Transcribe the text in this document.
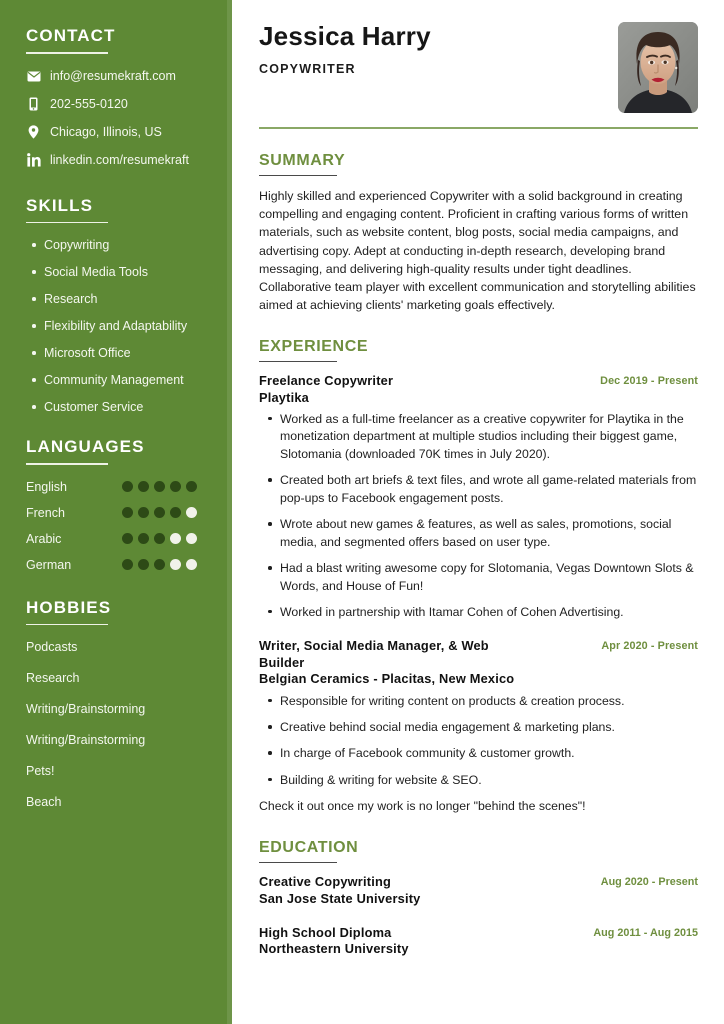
CONTACT
info@resumekraft.com
202-555-0120
Chicago, Illinois, US
linkedin.com/resumekraft
SKILLS
Copywriting
Social Media Tools
Research
Flexibility and Adaptability
Microsoft Office
Community Management
Customer Service
LANGUAGES
English
French
Arabic
German
HOBBIES
Podcasts
Research
Writing/Brainstorming
Writing/Brainstorming
Pets!
Beach
Jessica Harry
COPYWRITER
SUMMARY

Highly skilled and experienced Copywriter with a solid background in creating compelling and engaging content. Proficient in crafting various forms of written materials, such as website content, blog posts, social media campaigns, and advertising copy. Adept at conducting in-depth research, developing brand messaging, and delivering high-quality results under tight deadlines. Collaborative team player with excellent communication and storytelling abilities aimed at achieving clients' marketing goals effectively.

EXPERIENCE
Freelance Copywriter	Dec 2019 - Present
Playtika
Worked as a full-time freelancer as a creative copywriter for Playtika in the monetization department at multiple studios including their biggest game, Slotomania (downloaded 70K times in July 2020).
Created both art briefs & text files, and wrote all game-related materials from pop-ups to Facebook engagement posts.
Wrote about new games & features, as well as sales, promotions, social media, and segmented offers based on user type.
Had a blast writing awesome copy for Slotomania, Vegas Downtown Slots & Words, and House of Fun!
Worked in partnership with Itamar Cohen of Cohen Advertising.
Writer, Social Media Manager, & Web Builder
Apr 2020 - Present
Belgian Ceramics - Placitas, New Mexico
Responsible for writing content on products & creation process.
Creative behind social media engagement & marketing plans.
In charge of Facebook community & customer growth.
Building & writing for website & SEO.
Check it out once my work is no longer "behind the scenes"!
EDUCATION
Creative Copywriting	Aug 2020 - Present
San Jose State University
High School Diploma	Aug 2011 - Aug 2015
Northeastern University
